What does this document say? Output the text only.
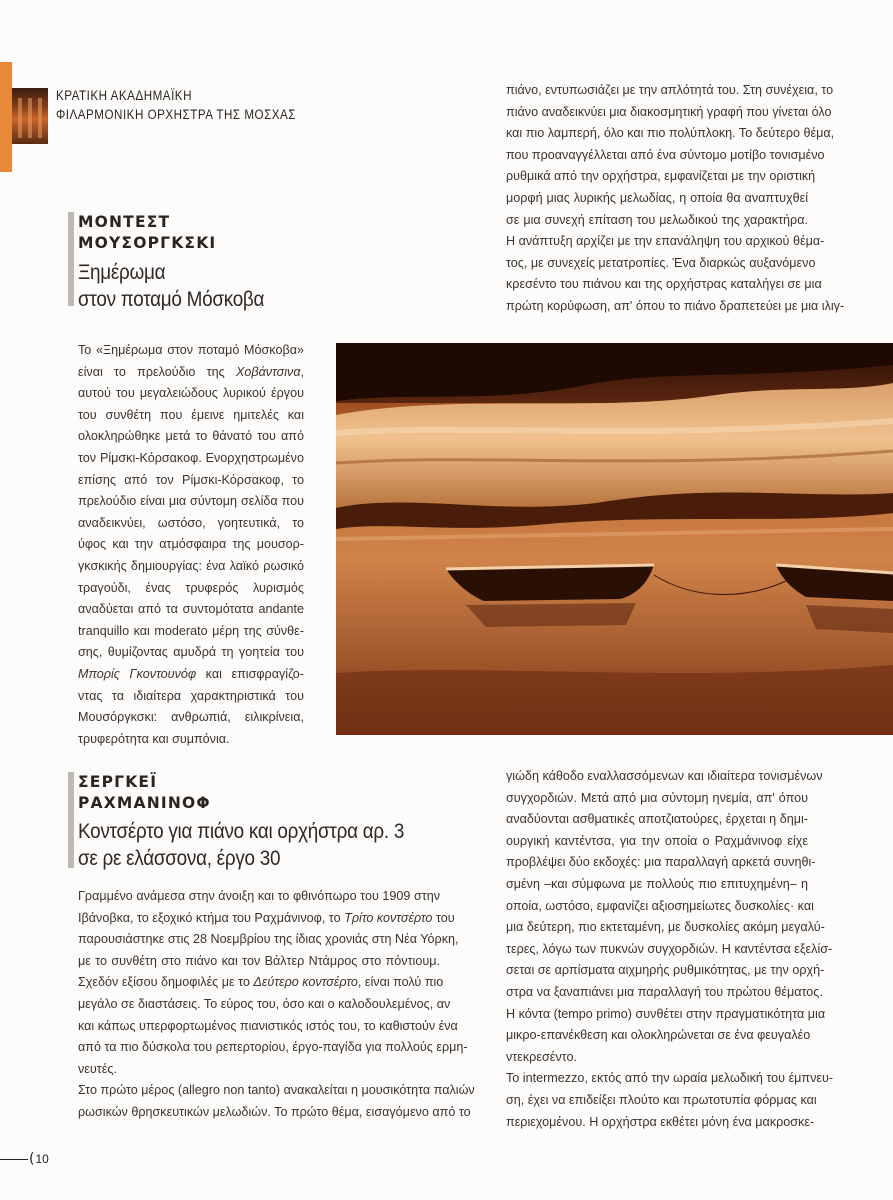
ΚΡΑΤΙΚΗ ΑΚΑΔΗΜΑΪΚΗ
ΦΙΛΑΡΜΟΝΙΚΗ ΟΡΧΗΣΤΡΑ ΤΗΣ ΜΟΣΧΑΣ
ΜΟΝΤΕΣΤ
ΜΟΥΣΟΡΓΚΣΚΙ
Ξημέρωμα
στον ποταμό Μόσκοβα
πιάνο, εντυπωσιάζει με την απλότητά του. Στη συνέχεια, το
πιάνο αναδεικνύει μια διακοσμητική γραφή που γίνεται όλο
και πιο λαμπερή, όλο και πιο πολύπλοκη. Το δεύτερο θέμα,
που προαναγγέλλεται από ένα σύντομο μοτίβο τονισμένο
ρυθμικά από την ορχήστρα, εμφανίζεται με την οριστική
μορφή μιας λυρικής μελωδίας, η οποία θα αναπτυχθεί
σε μια συνεχή επίταση του μελωδικού της χαρακτήρα.
Η ανάπτυξη αρχίζει με την επανάληψη του αρχικού θέμα-
τος, με συνεχείς μετατροπίες. Ένα διαρκώς αυξανόμενο
κρεσέντο του πιάνου και της ορχήστρας καταλήγει σε μια
πρώτη κορύφωση, απ' όπου το πιάνο δραπετεύει με μια ιλιγ-
Το «Ξημέρωμα στον ποταμό Μόσκοβα»
είναι το πρελούδιο της Χοβάντσινα,
αυτού του μεγαλειώδους λυρικού έργου
του συνθέτη που έμεινε ημιτελές και
ολοκληρώθηκε μετά το θάνατό του από
τον Ρίμσκι-Κόρσακοφ. Ενορχηστρωμένο
επίσης από τον Ρίμσκι-Κόρσακοφ, το
πρελούδιο είναι μια σύντομη σελίδα που
αναδεικνύει, ωστόσο, γοητευτικά, το
ύφος και την ατμόσφαιρα της μουσορ-
γκσκικής δημιουργίας: ένα λαϊκό ρωσικό
τραγούδι, ένας τρυφερός λυρισμός
αναδύεται από τα συντομότατα andante
tranquillo και moderato μέρη της σύνθε-
σης, θυμίζοντας αμυδρά τη γοητεία του
Μπορίς Γκοντουνόφ και επισφραγίζο-
ντας τα ιδιαίτερα χαρακτηριστικά του
Μουσόργκσκι: ανθρωπιά, ειλικρίνεια,
τρυφερότητα και συμπόνια.
ΣΕΡΓΚΕΪ
ΡΑΧΜΑΝΙΝΟΦ
Κοντσέρτο για πιάνο και ορχήστρα αρ. 3
σε ρε ελάσσονα, έργο 30
Γραμμένο ανάμεσα στην άνοιξη και το φθινόπωρο του 1909 στην
Ιβάνοβκα, το εξοχικό κτήμα του Ραχμάνινοφ, το Τρίτο κοντσέρτο του
παρουσιάστηκε στις 28 Νοεμβρίου της ίδιας χρονιάς στη Νέα Υόρκη,
με το συνθέτη στο πιάνο και τον Βάλτερ Ντάμρος στο πόντιουμ.
Σχεδόν εξίσου δημοφιλές με το Δεύτερο κοντσέρτο, είναι πολύ πιο
μεγάλο σε διαστάσεις. Το εύρος του, όσο και ο καλοδουλεμένος, αν
και κάπως υπερφορτωμένος πιανιστικός ιστός του, το καθιστούν ένα
από τα πιο δύσκολα του ρεπερτορίου, έργο-παγίδα για πολλούς ερμη-
νευτές.
Στο πρώτο μέρος (allegro non tanto) ανακαλείται η μουσικότητα παλιών
ρωσικών θρησκευτικών μελωδιών. Το πρώτο θέμα, εισαγόμενο από το
γιώδη κάθοδο εναλλασσόμενων και ιδιαίτερα τονισμένων
συγχορδιών. Μετά από μια σύντομη ηνεμία, απ' όπου
αναδύονται ασθματικές αποτζιατούρες, έρχεται η δημι-
ουργική καντέντσα, για την οποία ο Ραχμάνινοφ είχε
προβλέψει δύο εκδοχές: μια παραλλαγή αρκετά συνηθι-
σμένη –και σύμφωνα με πολλούς πιο επιτυχημένη– η
οποία, ωστόσο, εμφανίζει αξιοσημείωτες δυσκολίες· και
μια δεύτερη, πιο εκτεταμένη, με δυσκολίες ακόμη μεγαλύ-
τερες, λόγω των πυκνών συγχορδιών. Η καντέντσα εξελίσ-
σεται σε αρπίσματα αιχμηρής ρυθμικότητας, με την ορχή-
στρα να ξαναπιάνει μια παραλλαγή του πρώτου θέματος.
Η κόντα (tempo primo) συνθέτει στην πραγματικότητα μια
μικρο-επανέκθεση και ολοκληρώνεται σε ένα φευγαλέο
ντεκρεσέντο.
Το intermezzo, εκτός από την ωραία μελωδική του έμπνευ-
ση, έχει να επιδείξει πλούτο και πρωτοτυπία φόρμας και
περιεχομένου. Η ορχήστρα εκθέτει μόνη ένα μακροσκε-
( 10
